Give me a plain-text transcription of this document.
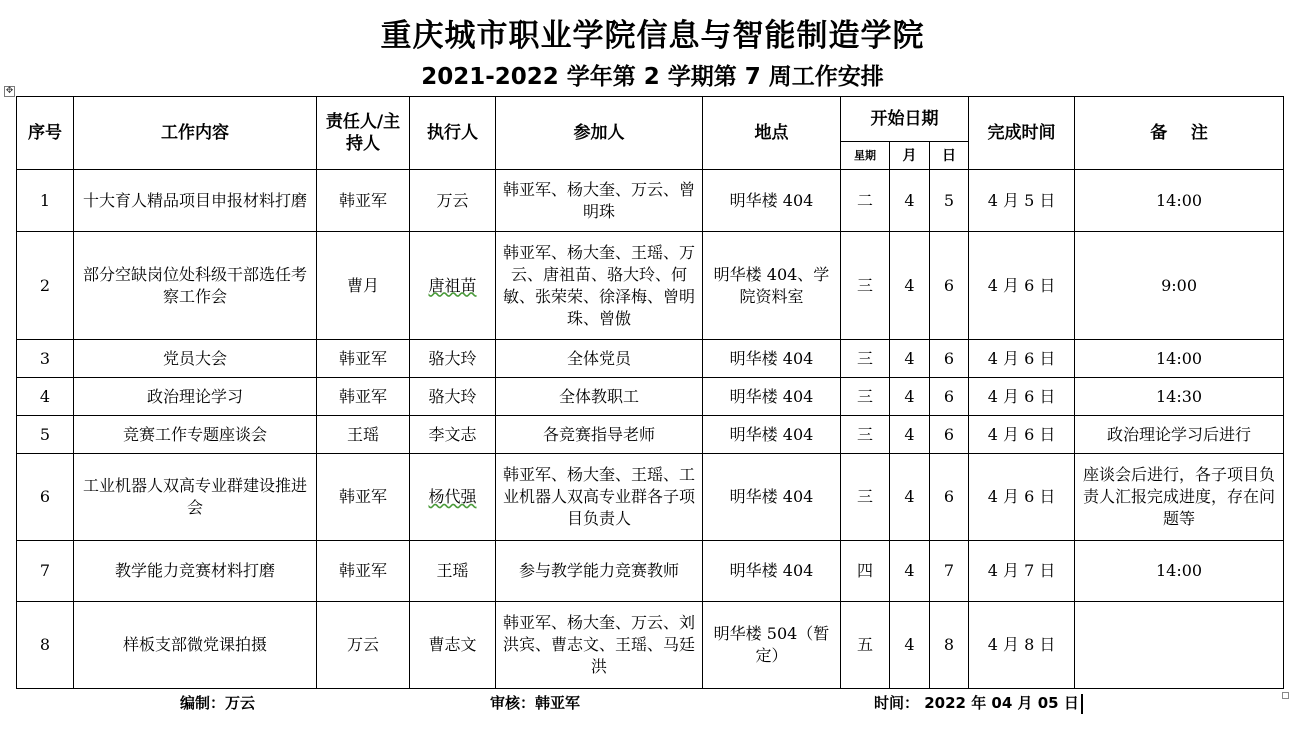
重庆城市职业学院信息与智能制造学院
2021-2022 学年第 2 学期第 7 周工作安排
✥
序号	工作内容	责任人/主持人	执行人	参加人	地点	开始日期			完成时间	备    注
						星期	月	日		
1	十大育人精品项目申报材料打磨	韩亚军	万云	韩亚军、杨大奎、万云、曾明珠	明华楼 404	二	4	5	4 月 5 日	14:00
2	部分空缺岗位处科级干部选任考察工作会	曹月	唐祖苗	韩亚军、杨大奎、王瑶、万云、唐祖苗、骆大玲、何敏、张荣荣、徐泽梅、曾明珠、曾傲	明华楼 404、学院资料室	三	4	6	4 月 6 日	9:00
3	党员大会	韩亚军	骆大玲	全体党员	明华楼 404	三	4	6	4 月 6 日	14:00
4	政治理论学习	韩亚军	骆大玲	全体教职工	明华楼 404	三	4	6	4 月 6 日	14:30
5	竞赛工作专题座谈会	王瑶	李文志	各竞赛指导老师	明华楼 404	三	4	6	4 月 6 日	政治理论学习后进行
6	工业机器人双高专业群建设推进会	韩亚军	杨代强	韩亚军、杨大奎、王瑶、工业机器人双高专业群各子项目负责人	明华楼 404	三	4	6	4 月 6 日	座谈会后进行，各子项目负责人汇报完成进度，存在问题等
7	教学能力竞赛材料打磨	韩亚军	王瑶	参与教学能力竞赛教师	明华楼 404	四	4	7	4 月 7 日	14:00
8	样板支部微党课拍摄	万云	曹志文	韩亚军、杨大奎、万云、刘洪宾、曹志文、王瑶、马廷洪	明华楼 504（暂定）	五	4	8	4 月 8 日	
编制：万云	审核：韩亚军	时间： 2022 年 04 月 05 日
